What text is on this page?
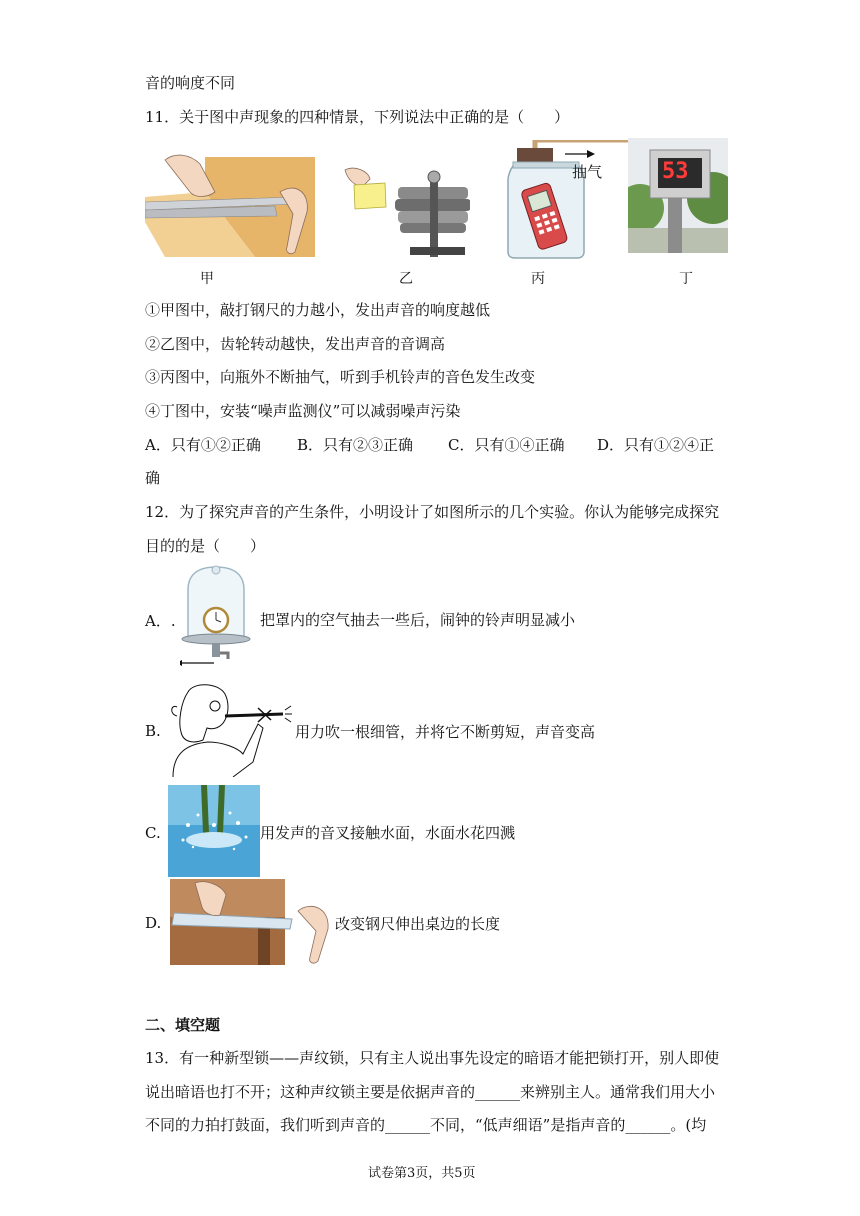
音的响度不同
11．关于图中声现象的四种情景，下列说法中正确的是（　　）
抽气	53
甲	乙	丙	丁
①甲图中，敲打钢尺的力越小，发出声音的响度越低
②乙图中，齿轮转动越快，发出声音的音调高
③丙图中，向瓶外不断抽气，听到手机铃声的音色发生改变
④丁图中，安装“噪声监测仪”可以减弱噪声污染
A．只有①②正确 B．只有②③正确 C．只有①④正确 D．只有①②④正
确
12．为了探究声音的产生条件，小明设计了如图所示的几个实验。你认为能够完成探究
目的的是（　　）
A．.	把罩内的空气抽去一些后，闹钟的铃声明显减小
B.	用力吹一根细管，并将它不断剪短，声音变高
C.	用发声的音叉接触水面，水面水花四溅
D.	改变钢尺伸出桌边的长度
二、填空题
13．有一种新型锁——声纹锁，只有主人说出事先设定的暗语才能把锁打开，别人即使
说出暗语也打不开；这种声纹锁主要是依据声音的______来辨别主人。通常我们用大小
不同的力拍打鼓面，我们听到声音的______不同，“低声细语”是指声音的______。(均
试卷第3页，共5页
